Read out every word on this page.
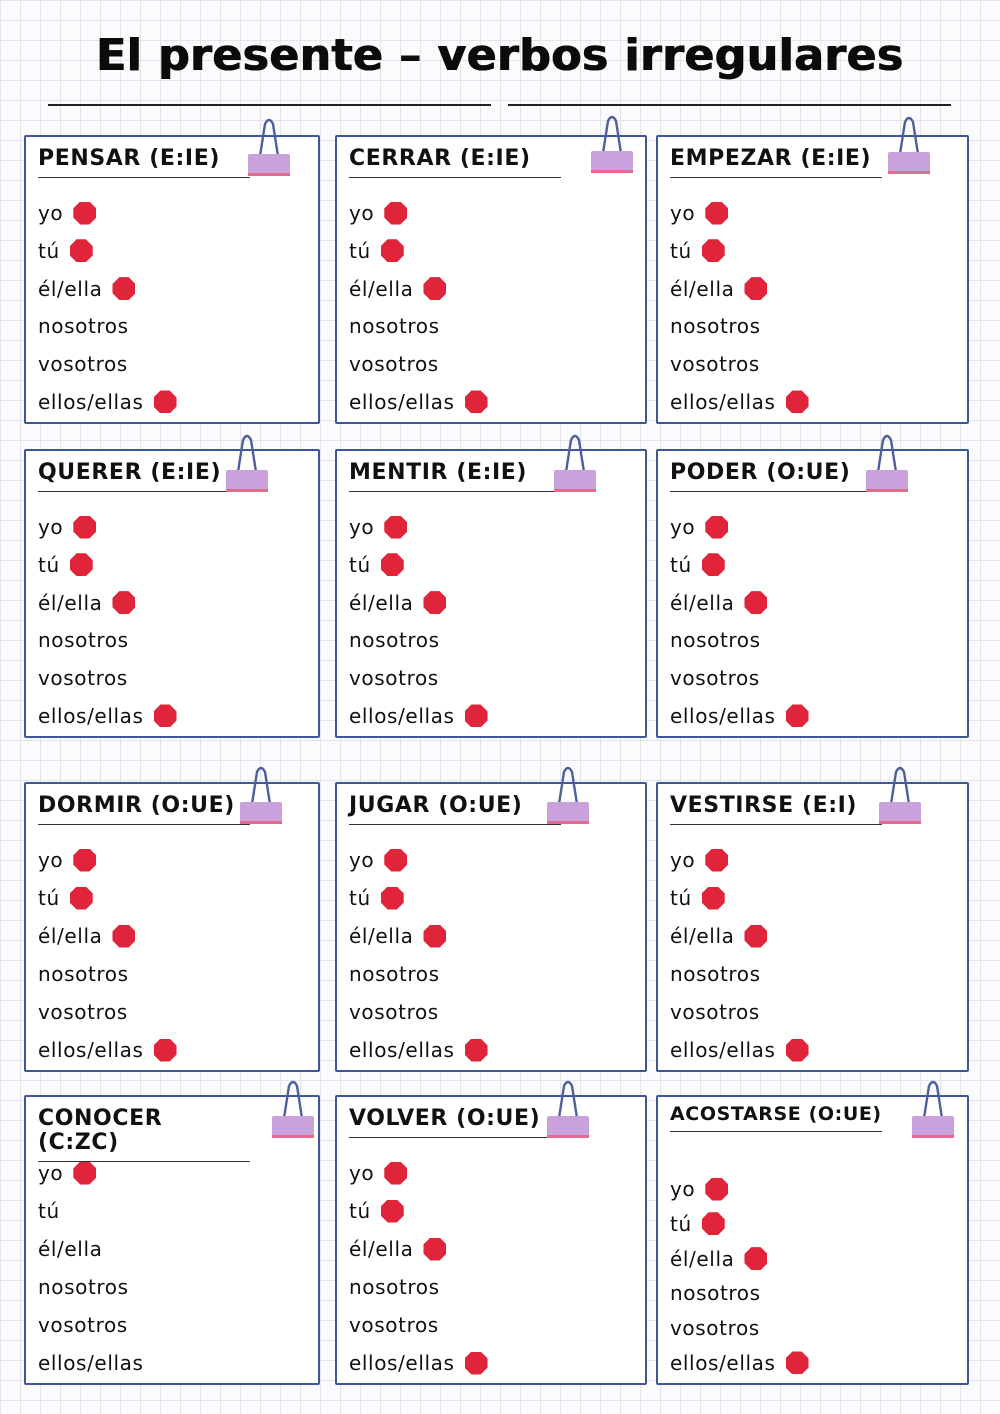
El presente – verbos irregulares
PENSAR (E:IE)
yo
tú
él/ella
nosotros
vosotros
ellos/ellas
CERRAR (E:IE)
yo
tú
él/ella
nosotros
vosotros
ellos/ellas
EMPEZAR (E:IE)
yo
tú
él/ella
nosotros
vosotros
ellos/ellas
QUERER (E:IE)
yo
tú
él/ella
nosotros
vosotros
ellos/ellas
MENTIR (E:IE)
yo
tú
él/ella
nosotros
vosotros
ellos/ellas
PODER (O:UE)
yo
tú
él/ella
nosotros
vosotros
ellos/ellas
DORMIR (O:UE)
yo
tú
él/ella
nosotros
vosotros
ellos/ellas
JUGAR (O:UE)
yo
tú
él/ella
nosotros
vosotros
ellos/ellas
VESTIRSE (E:I)
yo
tú
él/ella
nosotros
vosotros
ellos/ellas
CONOCER (C:ZC)
yo
tú
él/ella
nosotros
vosotros
ellos/ellas
VOLVER (O:UE)
yo
tú
él/ella
nosotros
vosotros
ellos/ellas
ACOSTARSE (O:UE)
yo
tú
él/ella
nosotros
vosotros
ellos/ellas
